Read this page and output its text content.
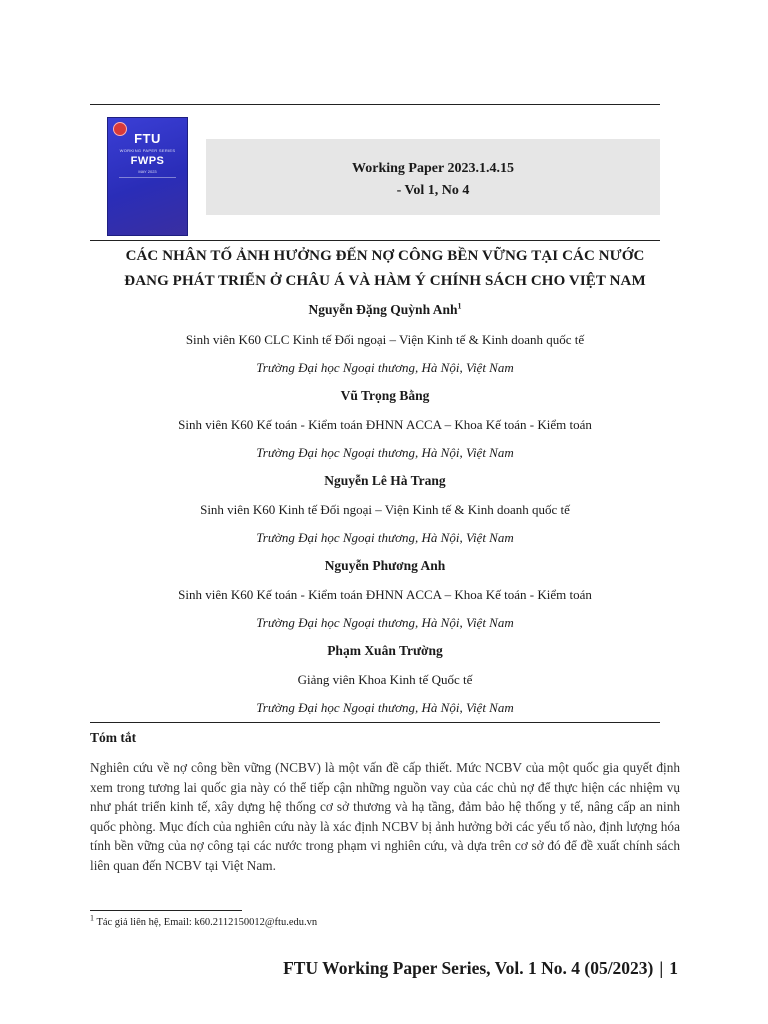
FTU
WORKING PAPER SERIES
FWPS
MAY 2023	Working Paper 2023.1.4.15
- Vol 1, No 4
CÁC NHÂN TỐ ẢNH HƯỞNG ĐẾN NỢ CÔNG BỀN VỮNG TẠI CÁC NƯỚC
ĐANG PHÁT TRIỂN Ở CHÂU Á VÀ HÀM Ý CHÍNH SÁCH CHO VIỆT NAM
Nguyễn Đặng Quỳnh Anh$^1$
Sinh viên K60 CLC Kinh tế Đối ngoại – Viện Kinh tế & Kinh doanh quốc tế
Trường Đại học Ngoại thương, Hà Nội, Việt Nam
Vũ Trọng Bằng
Sinh viên K60 Kế toán - Kiểm toán ĐHNN ACCA – Khoa Kế toán - Kiểm toán
Trường Đại học Ngoại thương, Hà Nội, Việt Nam
Nguyễn Lê Hà Trang
Sinh viên K60 Kinh tế Đối ngoại – Viện Kinh tế & Kinh doanh quốc tế
Trường Đại học Ngoại thương, Hà Nội, Việt Nam
Nguyễn Phương Anh
Sinh viên K60 Kế toán - Kiểm toán ĐHNN ACCA – Khoa Kế toán - Kiểm toán
Trường Đại học Ngoại thương, Hà Nội, Việt Nam
Phạm Xuân Trường
Giảng viên Khoa Kinh tế Quốc tế
Trường Đại học Ngoại thương, Hà Nội, Việt Nam
Tóm tắt
Nghiên cứu về nợ công bền vững (NCBV) là một vấn đề cấp thiết. Mức NCBV của một quốc gia quyết định xem trong tương lai quốc gia này có thể tiếp cận những nguồn vay của các chủ nợ để thực hiện các nhiệm vụ như phát triển kinh tế, xây dựng hệ thống cơ sở thương và hạ tầng, đảm bảo hệ thống y tế, nâng cấp an ninh quốc phòng. Mục đích của nghiên cứu này là xác định NCBV bị ảnh hưởng bởi các yếu tố nào, định lượng hóa tính bền vững của nợ công tại các nước trong phạm vi nghiên cứu, và dựa trên cơ sở đó để đề xuất chính sách liên quan đến NCBV tại Việt Nam.
$^1$ Tác giả liên hệ, Email: k60.2112150012@ftu.edu.vn
FTU Working Paper Series, Vol. 1 No. 4 (05/2023) | 1
